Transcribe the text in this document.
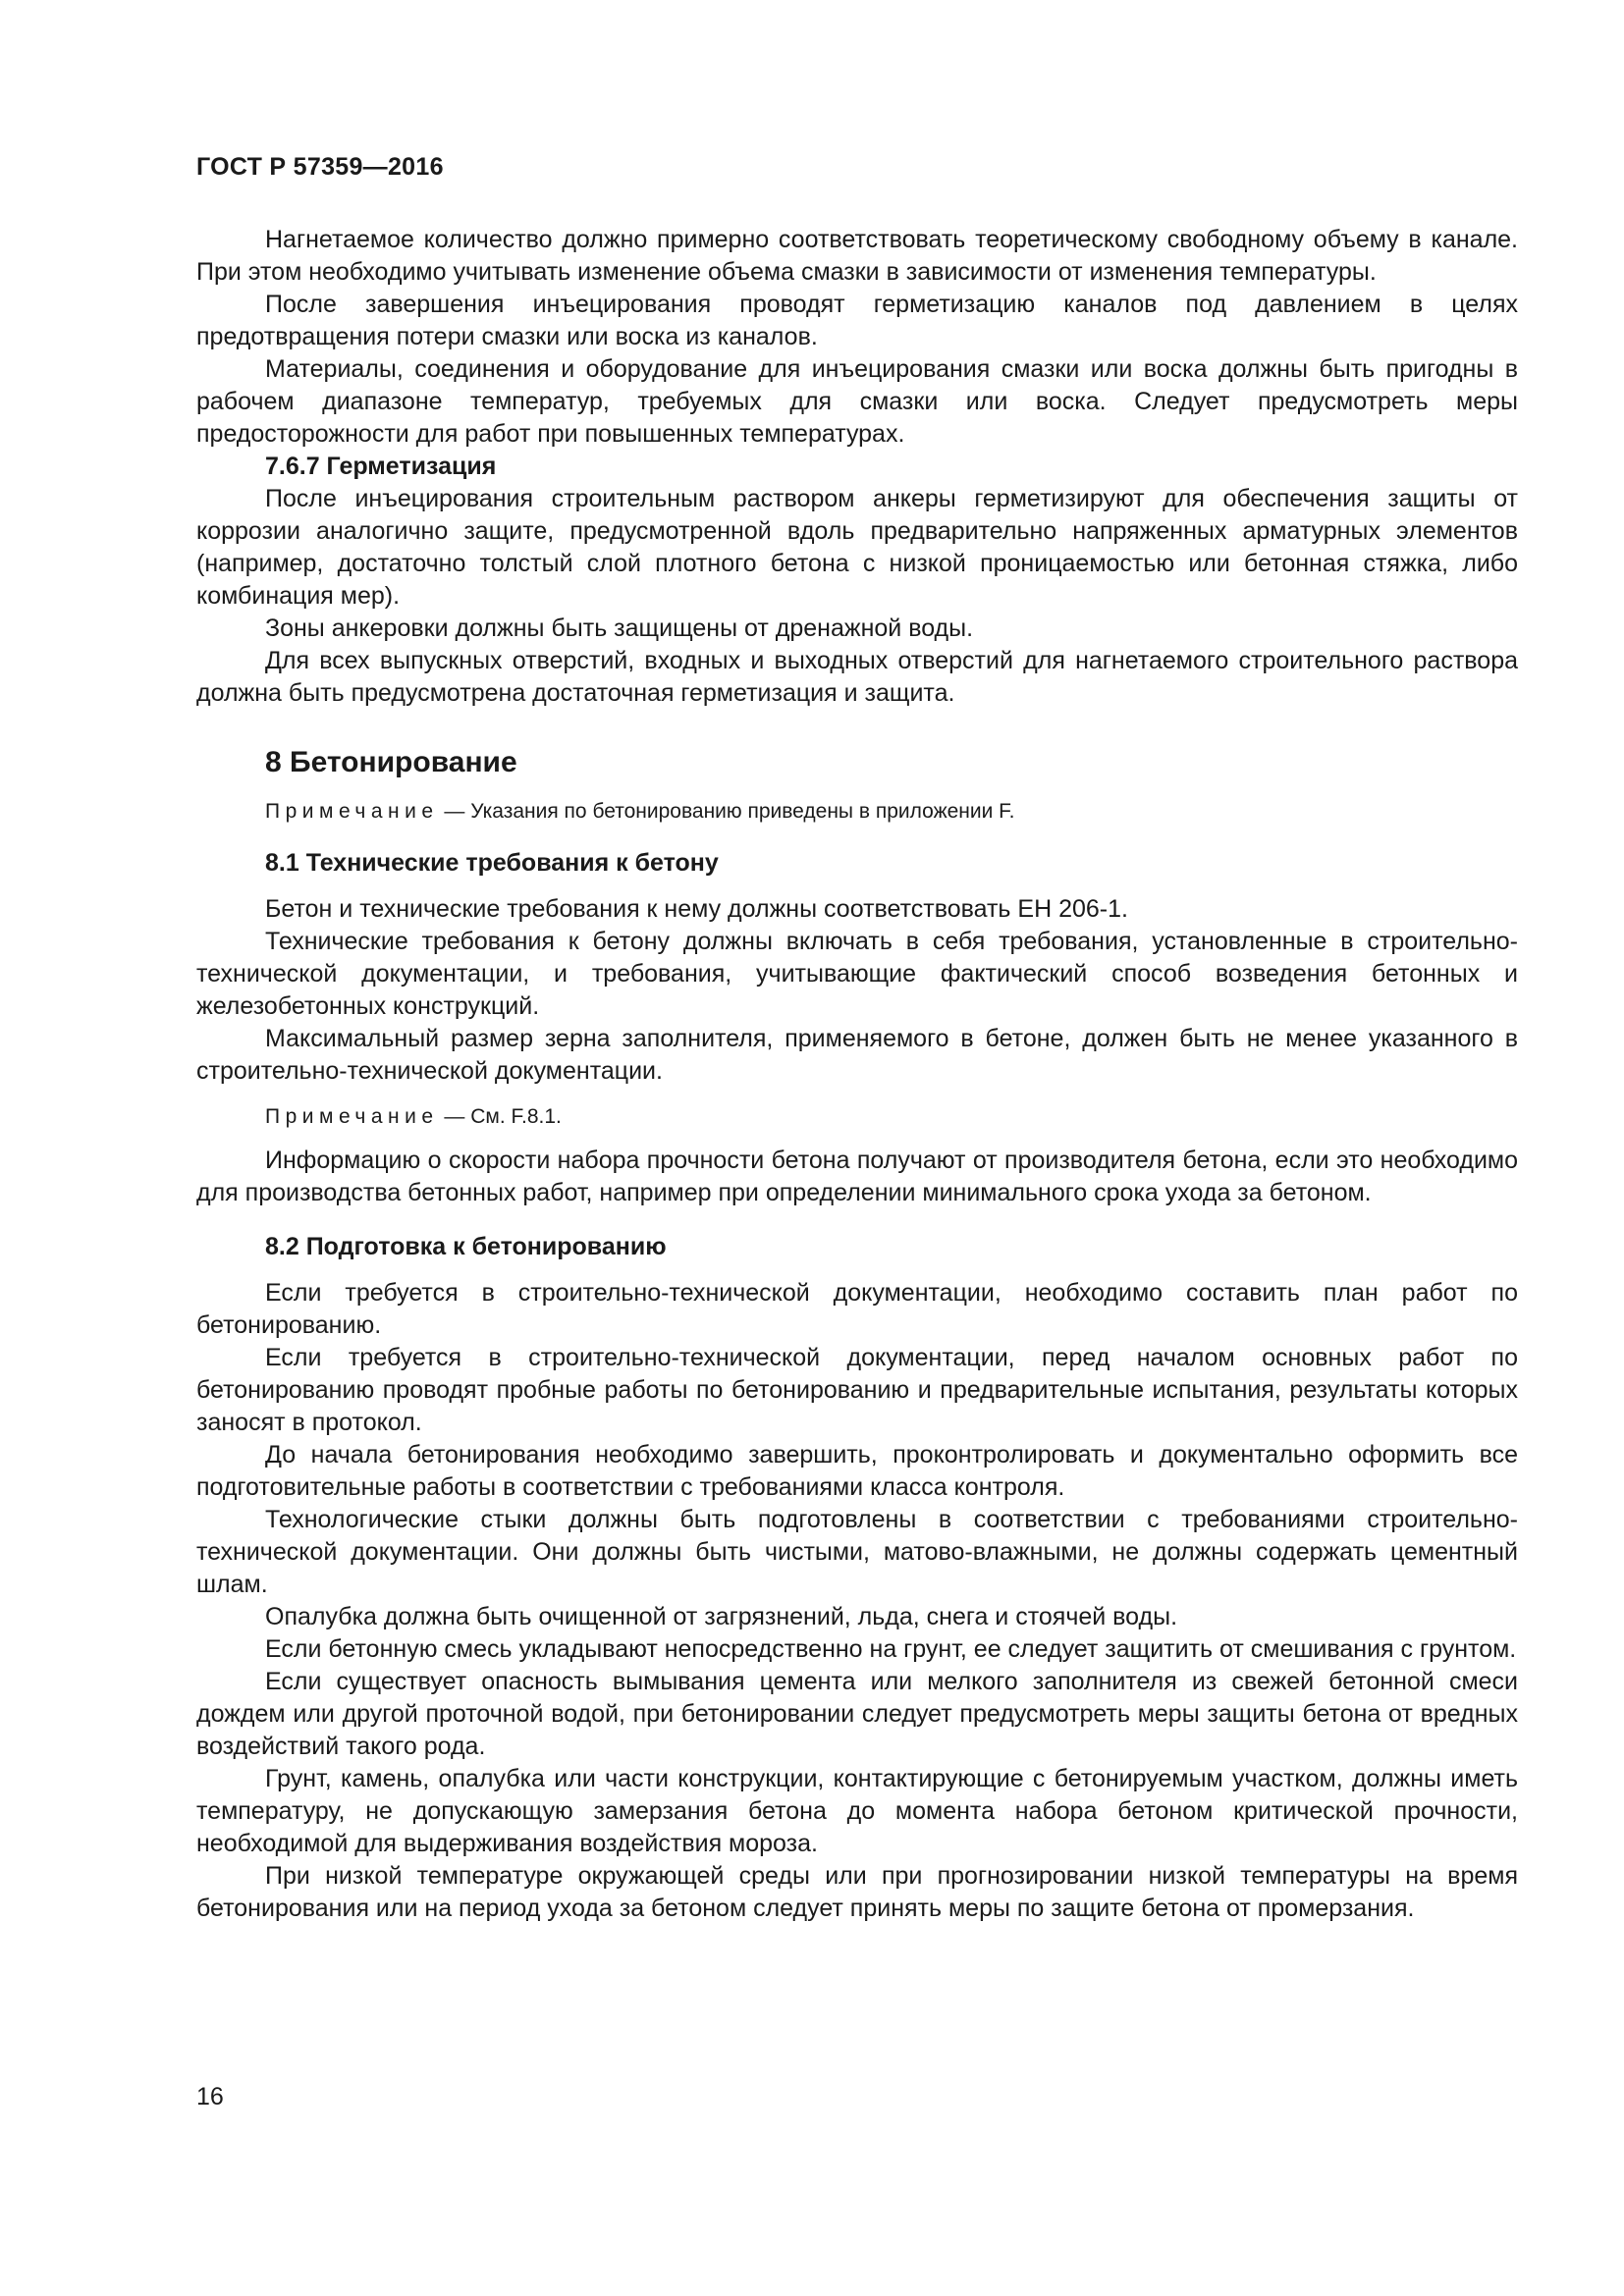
ГОСТ Р 57359—2016

Нагнетаемое количество должно примерно соответствовать теоретическому свободному объему в канале. При этом необходимо учитывать изменение объема смазки в зависимости от изменения температуры.

После завершения инъецирования проводят герметизацию каналов под давлением в целях предотвращения потери смазки или воска из каналов.

Материалы, соединения и оборудование для инъецирования смазки или воска должны быть пригодны в рабочем диапазоне температур, требуемых для смазки или воска. Следует предусмотреть меры предосторожности для работ при повышенных температурах.

7.6.7 Герметизация

После инъецирования строительным раствором анкеры герметизируют для обеспечения защиты от коррозии аналогично защите, предусмотренной вдоль предварительно напряженных арматурных элементов (например, достаточно толстый слой плотного бетона с низкой проницаемостью или бетонная стяжка, либо комбинация мер).

Зоны анкеровки должны быть защищены от дренажной воды.

Для всех выпускных отверстий, входных и выходных отверстий для нагнетаемого строительного раствора должна быть предусмотрена достаточная герметизация и защита.

8 Бетонирование
Примечание — Указания по бетонированию приведены в приложении F.
8.1 Технические требования к бетону

Бетон и технические требования к нему должны соответствовать ЕН 206-1.

Технические требования к бетону должны включать в себя требования, установленные в строительно-технической документации, и требования, учитывающие фактический способ возведения бетонных и железобетонных конструкций.

Максимальный размер зерна заполнителя, применяемого в бетоне, должен быть не менее указанного в строительно-технической документации.

Примечание — См. F.8.1.

Информацию о скорости набора прочности бетона получают от производителя бетона, если это необходимо для производства бетонных работ, например при определении минимального срока ухода за бетоном.

8.2 Подготовка к бетонированию

Если требуется в строительно-технической документации, необходимо составить план работ по бетонированию.

Если требуется в строительно-технической документации, перед началом основных работ по бетонированию проводят пробные работы по бетонированию и предварительные испытания, результаты которых заносят в протокол.

До начала бетонирования необходимо завершить, проконтролировать и документально оформить все подготовительные работы в соответствии с требованиями класса контроля.

Технологические стыки должны быть подготовлены в соответствии с требованиями строительно-технической документации. Они должны быть чистыми, матово-влажными, не должны содержать цементный шлам.

Опалубка должна быть очищенной от загрязнений, льда, снега и стоячей воды.

Если бетонную смесь укладывают непосредственно на грунт, ее следует защитить от смешивания с грунтом.

Если существует опасность вымывания цемента или мелкого заполнителя из свежей бетонной смеси дождем или другой проточной водой, при бетонировании следует предусмотреть меры защиты бетона от вредных воздействий такого рода.

Грунт, камень, опалубка или части конструкции, контактирующие с бетонируемым участком, должны иметь температуру, не допускающую замерзания бетона до момента набора бетоном критической прочности, необходимой для выдерживания воздействия мороза.

При низкой температуре окружающей среды или при прогнозировании низкой температуры на время бетонирования или на период ухода за бетоном следует принять меры по защите бетона от промерзания.

16
